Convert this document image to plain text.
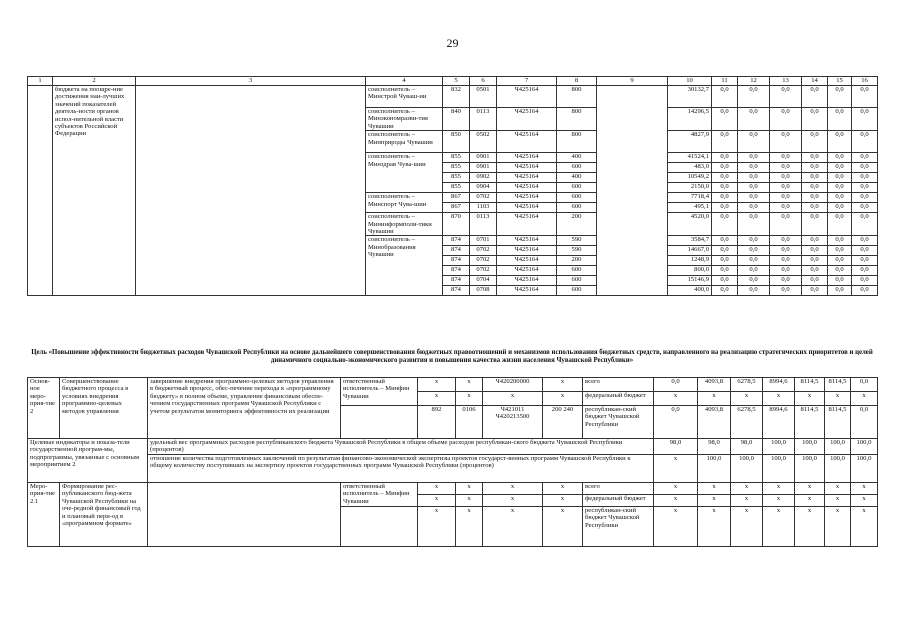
29
1	2	3	4	5	6	7	8	9	10	11	12	13	14	15	16
	бюджета на поощре-ние достижения наи-лучших значений показателей деятель-ности органов испол-нительной власти субъектов Российской Федерации		соисполнитель – Минстрой Чуваш-ии	832	0501	Ч425164	800		30132,7	0,0	0,0	0,0	0,0	0,0	0,0
			соисполнитель – Минэкономразви-тия Чувашии	840	0113	Ч425164	800		14296,5	0,0	0,0	0,0	0,0	0,0	0,0
			соисполнитель – Минприроды Чувашии	850	0502	Ч425164	800		4827,9	0,0	0,0	0,0	0,0	0,0	0,0
			соисполнитель – Минздрав Чува-шии	855	0901	Ч425164	400		41524,1	0,0	0,0	0,0	0,0	0,0	0,0
				855	0901	Ч425164	600		483,0	0,0	0,0	0,0	0,0	0,0	0,0
				855	0902	Ч425164	400		10549,2	0,0	0,0	0,0	0,0	0,0	0,0
				855	0904	Ч425164	600		2150,0	0,0	0,0	0,0	0,0	0,0	0,0
			соисполнитель – Минспорт Чува-шии	867	0702	Ч425164	600		7718,4	0,0	0,0	0,0	0,0	0,0	0,0
				867	1103	Ч425164	600		495,1	0,0	0,0	0,0	0,0	0,0	0,0
			соисполнитель – Мининформполи-тики Чувашии	870	0113	Ч425164	200		4520,0	0,0	0,0	0,0	0,0	0,0	0,0
			соисполнитель – Минобразования Чувашии	874	0701	Ч425164	590		3584,7	0,0	0,0	0,0	0,0	0,0	0,0
				874	0702	Ч425164	590		14667,0	0,0	0,0	0,0	0,0	0,0	0,0
				874	0702	Ч425164	200		1248,9	0,0	0,0	0,0	0,0	0,0	0,0
				874	0702	Ч425164	600		800,0	0,0	0,0	0,0	0,0	0,0	0,0
				874	0704	Ч425164	600		15146,9	0,0	0,0	0,0	0,0	0,0	0,0
				874	0708	Ч425164	600		400,0	0,0	0,0	0,0	0,0	0,0	0,0
Цель «Повышение эффективности бюджетных расходов Чувашской Республики на основе дальнейшего совершенствования бюджетных правоотношений и механизмов использования бюджетных средств, направленного на реализацию стратегических приоритетов и целей динамичного социально-экономического развития и повышения качества жизни населения Чувашской Республики»
Основ-ное меро-прия-тие 2	Совершенствование бюджетного процесса в условиях внедрения программно-целевых методов управления	завершение внедрения программно-целевых методов управления в бюджетный процесс, обес-печение перехода к «программному бюджету» в полном объеме, управление финансовым обеспе-чением государственных программ Чувашской Республики с учетом результатов мониторинга эффективности их реализации	ответственный исполнитель – Минфин Чувашии	x	x	Ч420200000	x	всего	0,0	4093,8	6278,5	8994,6	8114,5	8114,5	0,0
				x	x	x	x	федеральный бюджет	x	x	x	x	x	x	x
				892	0106	Ч421011 Ч420213500	200 240	республикан-ский бюджет Чувашской Республики	0,0	4093,8	6278,5	8994,6	8114,5	8114,5	0,0
Целевые индикаторы и показа-тели государственной програм-мы, подпрограммы, увязанные с основным мероприятием 2		удельный вес программных расходов республиканского бюджета Чувашской Республики в общем объеме расходов республикан-ского бюджета Чувашской Республики (процентов)							98,0	98,0	98,0	100,0	100,0	100,0	100,0
		отношение количества подготовленных заключений по результатам финансово-экономической экспертизы проектов государст-венных программ Чувашской Республики к общему количеству поступивших на экспертизу проектов государственных программ Чувашской Республики (процентов)							x	100,0	100,0	100,0	100,0	100,0	100,0
Меро-прия-тие 2.1	Формирование рес-публиканского бюд-жета Чувашской Республики на оче-редной финансовый год и плановый пери-од в «программном формате»		ответственный исполнитель – Минфин Чувашии	x	x	x	x	всего	x	x	x	x	x	x	x
				x	x	x	x	федеральный бюджет	x	x	x	x	x	x	x
				x	x	x	x	республикан-ский бюджет Чувашской Республики	x	x	x	x	x	x	x
